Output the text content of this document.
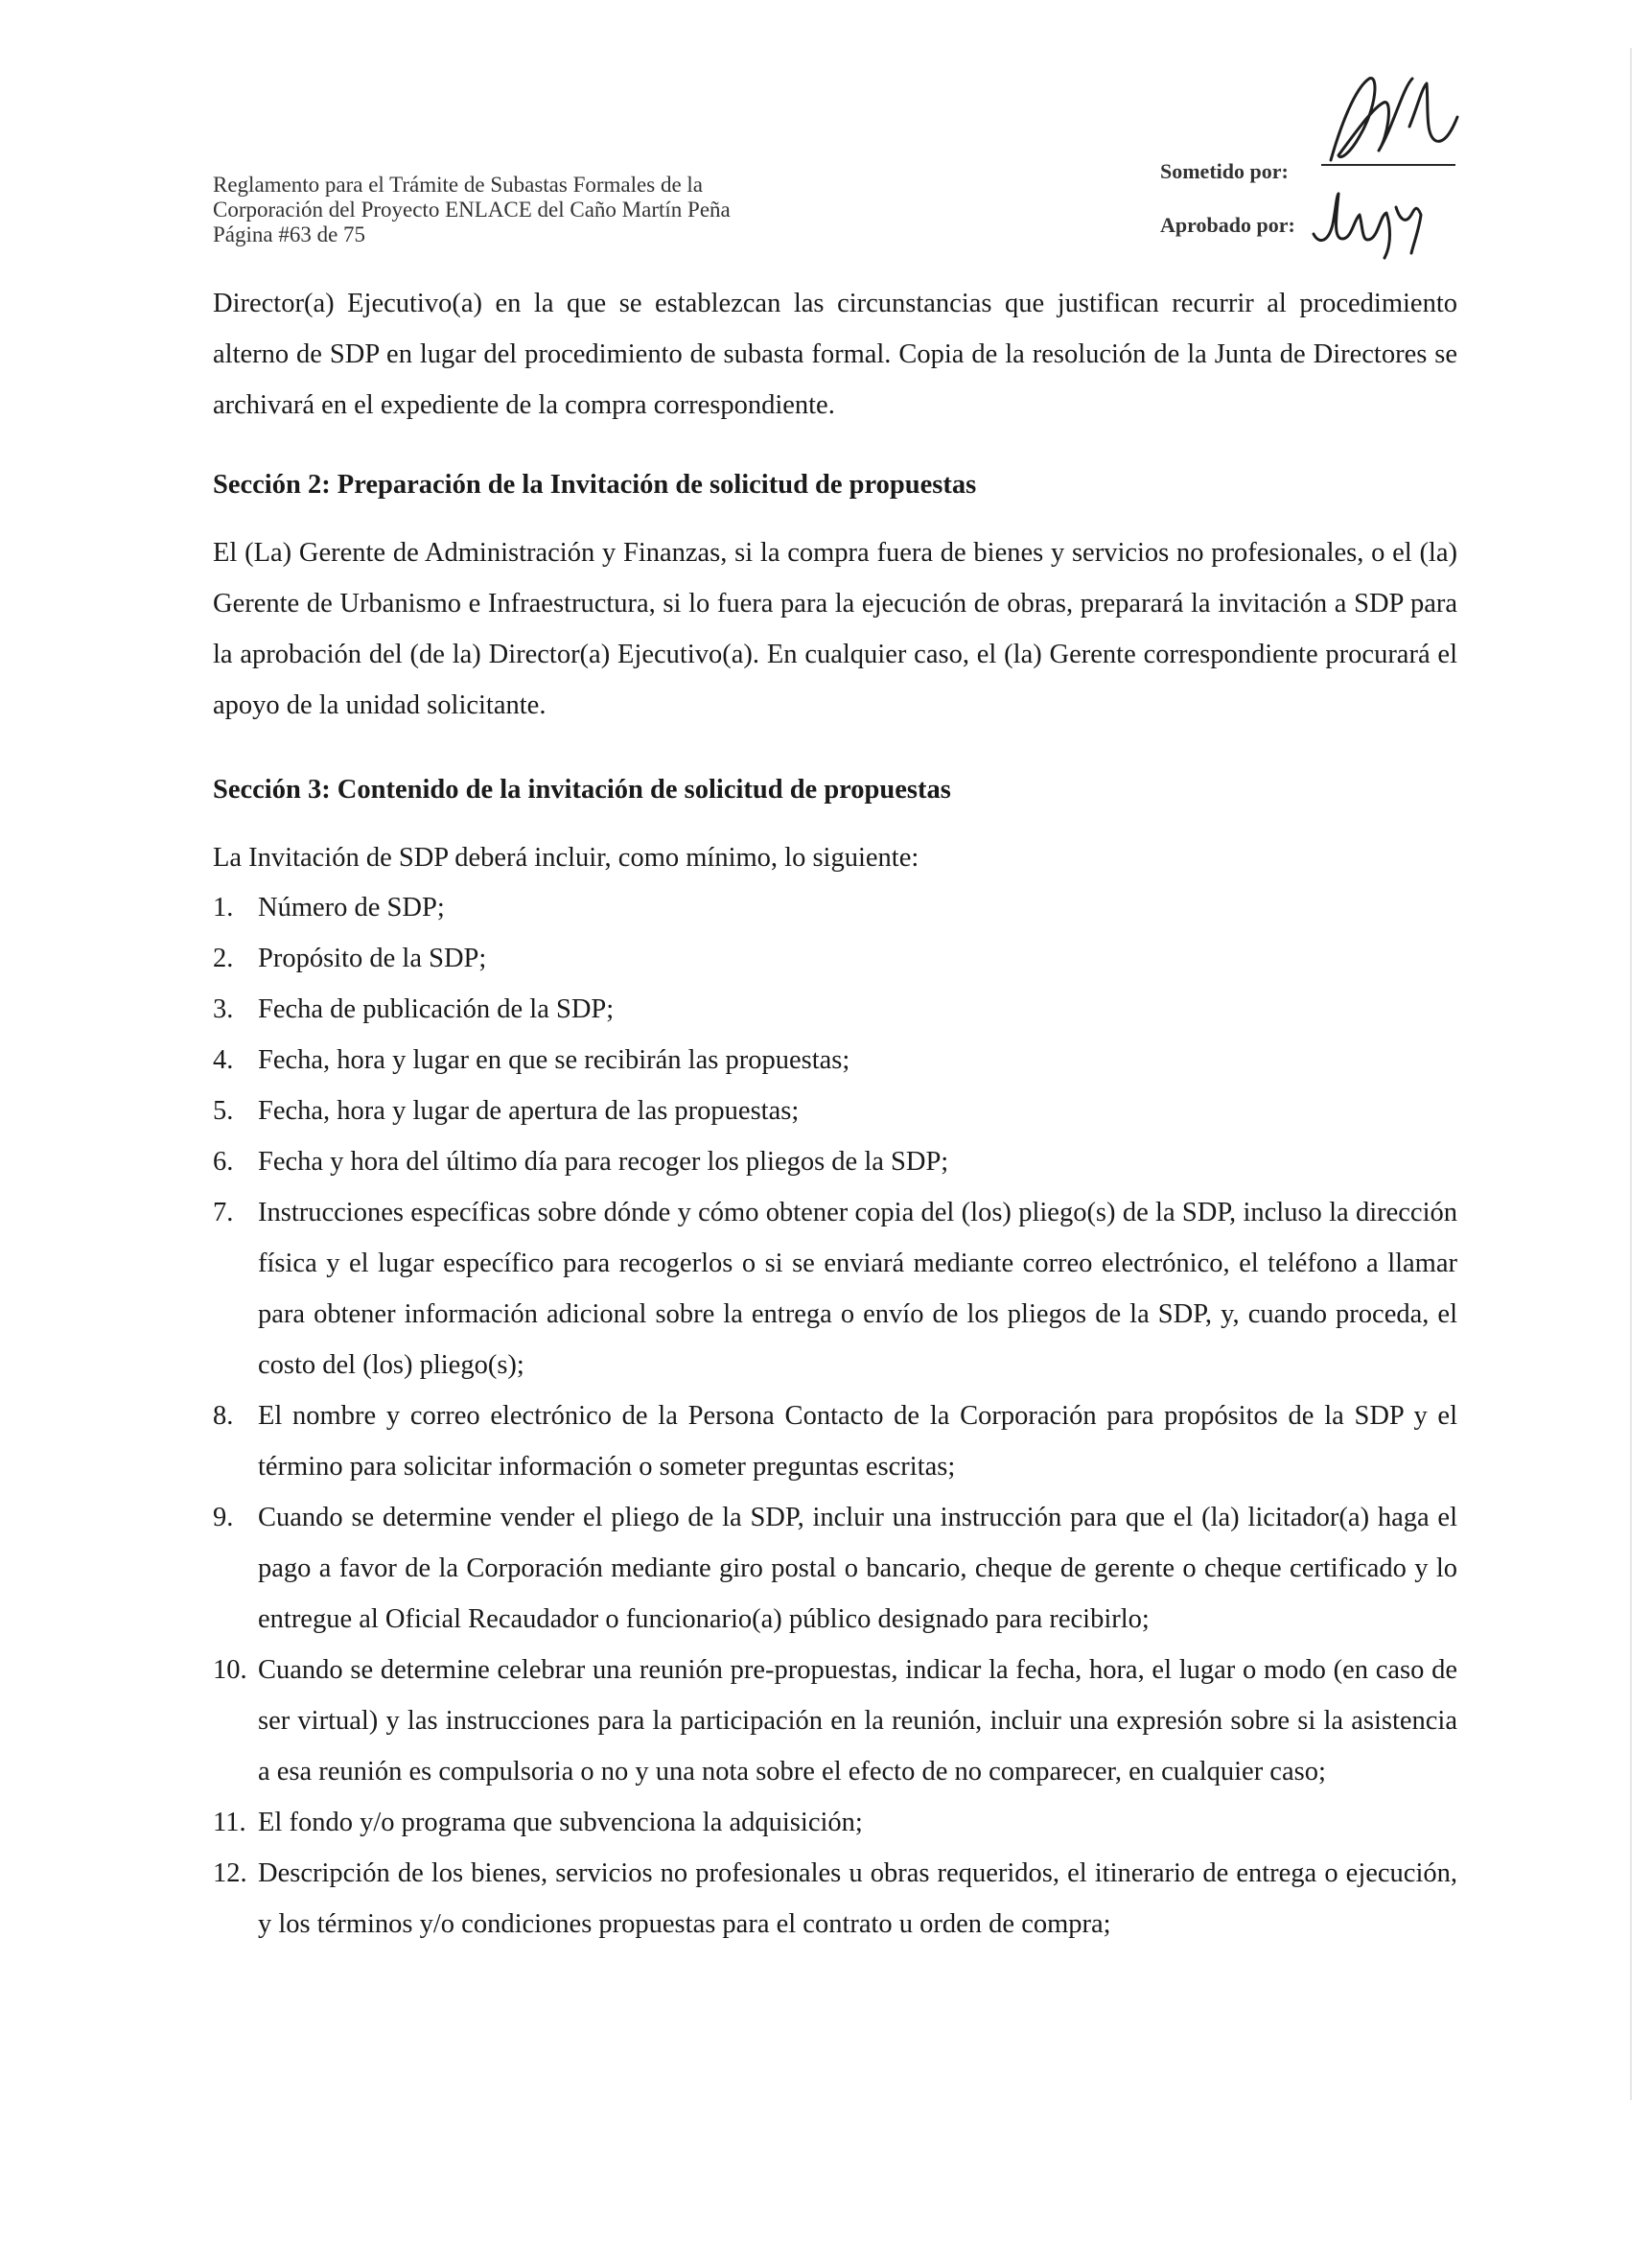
Reglamento para el Trámite de Subastas Formales de la
Corporación del Proyecto ENLACE del Caño Martín Peña
Página #63 de 75
Sometido por:
Aprobado por:
Director(a) Ejecutivo(a) en la que se establezcan las circunstancias que justifican recurrir al procedimiento alterno de SDP en lugar del procedimiento de subasta formal. Copia de la resolución de la Junta de Directores se archivará en el expediente de la compra correspondiente.
Sección 2: Preparación de la Invitación de solicitud de propuestas
El (La) Gerente de Administración y Finanzas, si la compra fuera de bienes y servicios no profesionales, o el (la) Gerente de Urbanismo e Infraestructura, si lo fuera para la ejecución de obras, preparará la invitación a SDP para la aprobación del (de la) Director(a) Ejecutivo(a). En cualquier caso, el (la) Gerente correspondiente procurará el apoyo de la unidad solicitante.
Sección 3: Contenido de la invitación de solicitud de propuestas
La Invitación de SDP deberá incluir, como mínimo, lo siguiente:
1. Número de SDP;
2. Propósito de la SDP;
3. Fecha de publicación de la SDP;
4. Fecha, hora y lugar en que se recibirán las propuestas;
5. Fecha, hora y lugar de apertura de las propuestas;
6. Fecha y hora del último día para recoger los pliegos de la SDP;
7. Instrucciones específicas sobre dónde y cómo obtener copia del (los) pliego(s) de la SDP, incluso la dirección física y el lugar específico para recogerlos o si se enviará mediante correo electrónico, el teléfono a llamar para obtener información adicional sobre la entrega o envío de los pliegos de la SDP, y, cuando proceda, el costo del (los) pliego(s);
8. El nombre y correo electrónico de la Persona Contacto de la Corporación para propósitos de la SDP y el término para solicitar información o someter preguntas escritas;
9. Cuando se determine vender el pliego de la SDP, incluir una instrucción para que el (la) licitador(a) haga el pago a favor de la Corporación mediante giro postal o bancario, cheque de gerente o cheque certificado y lo entregue al Oficial Recaudador o funcionario(a) público designado para recibirlo;
10. Cuando se determine celebrar una reunión pre-propuestas, indicar la fecha, hora, el lugar o modo (en caso de ser virtual) y las instrucciones para la participación en la reunión, incluir una expresión sobre si la asistencia a esa reunión es compulsoria o no y una nota sobre el efecto de no comparecer, en cualquier caso;
11. El fondo y/o programa que subvenciona la adquisición;
12. Descripción de los bienes, servicios no profesionales u obras requeridos, el itinerario de entrega o ejecución, y los términos y/o condiciones propuestas para el contrato u orden de compra;
